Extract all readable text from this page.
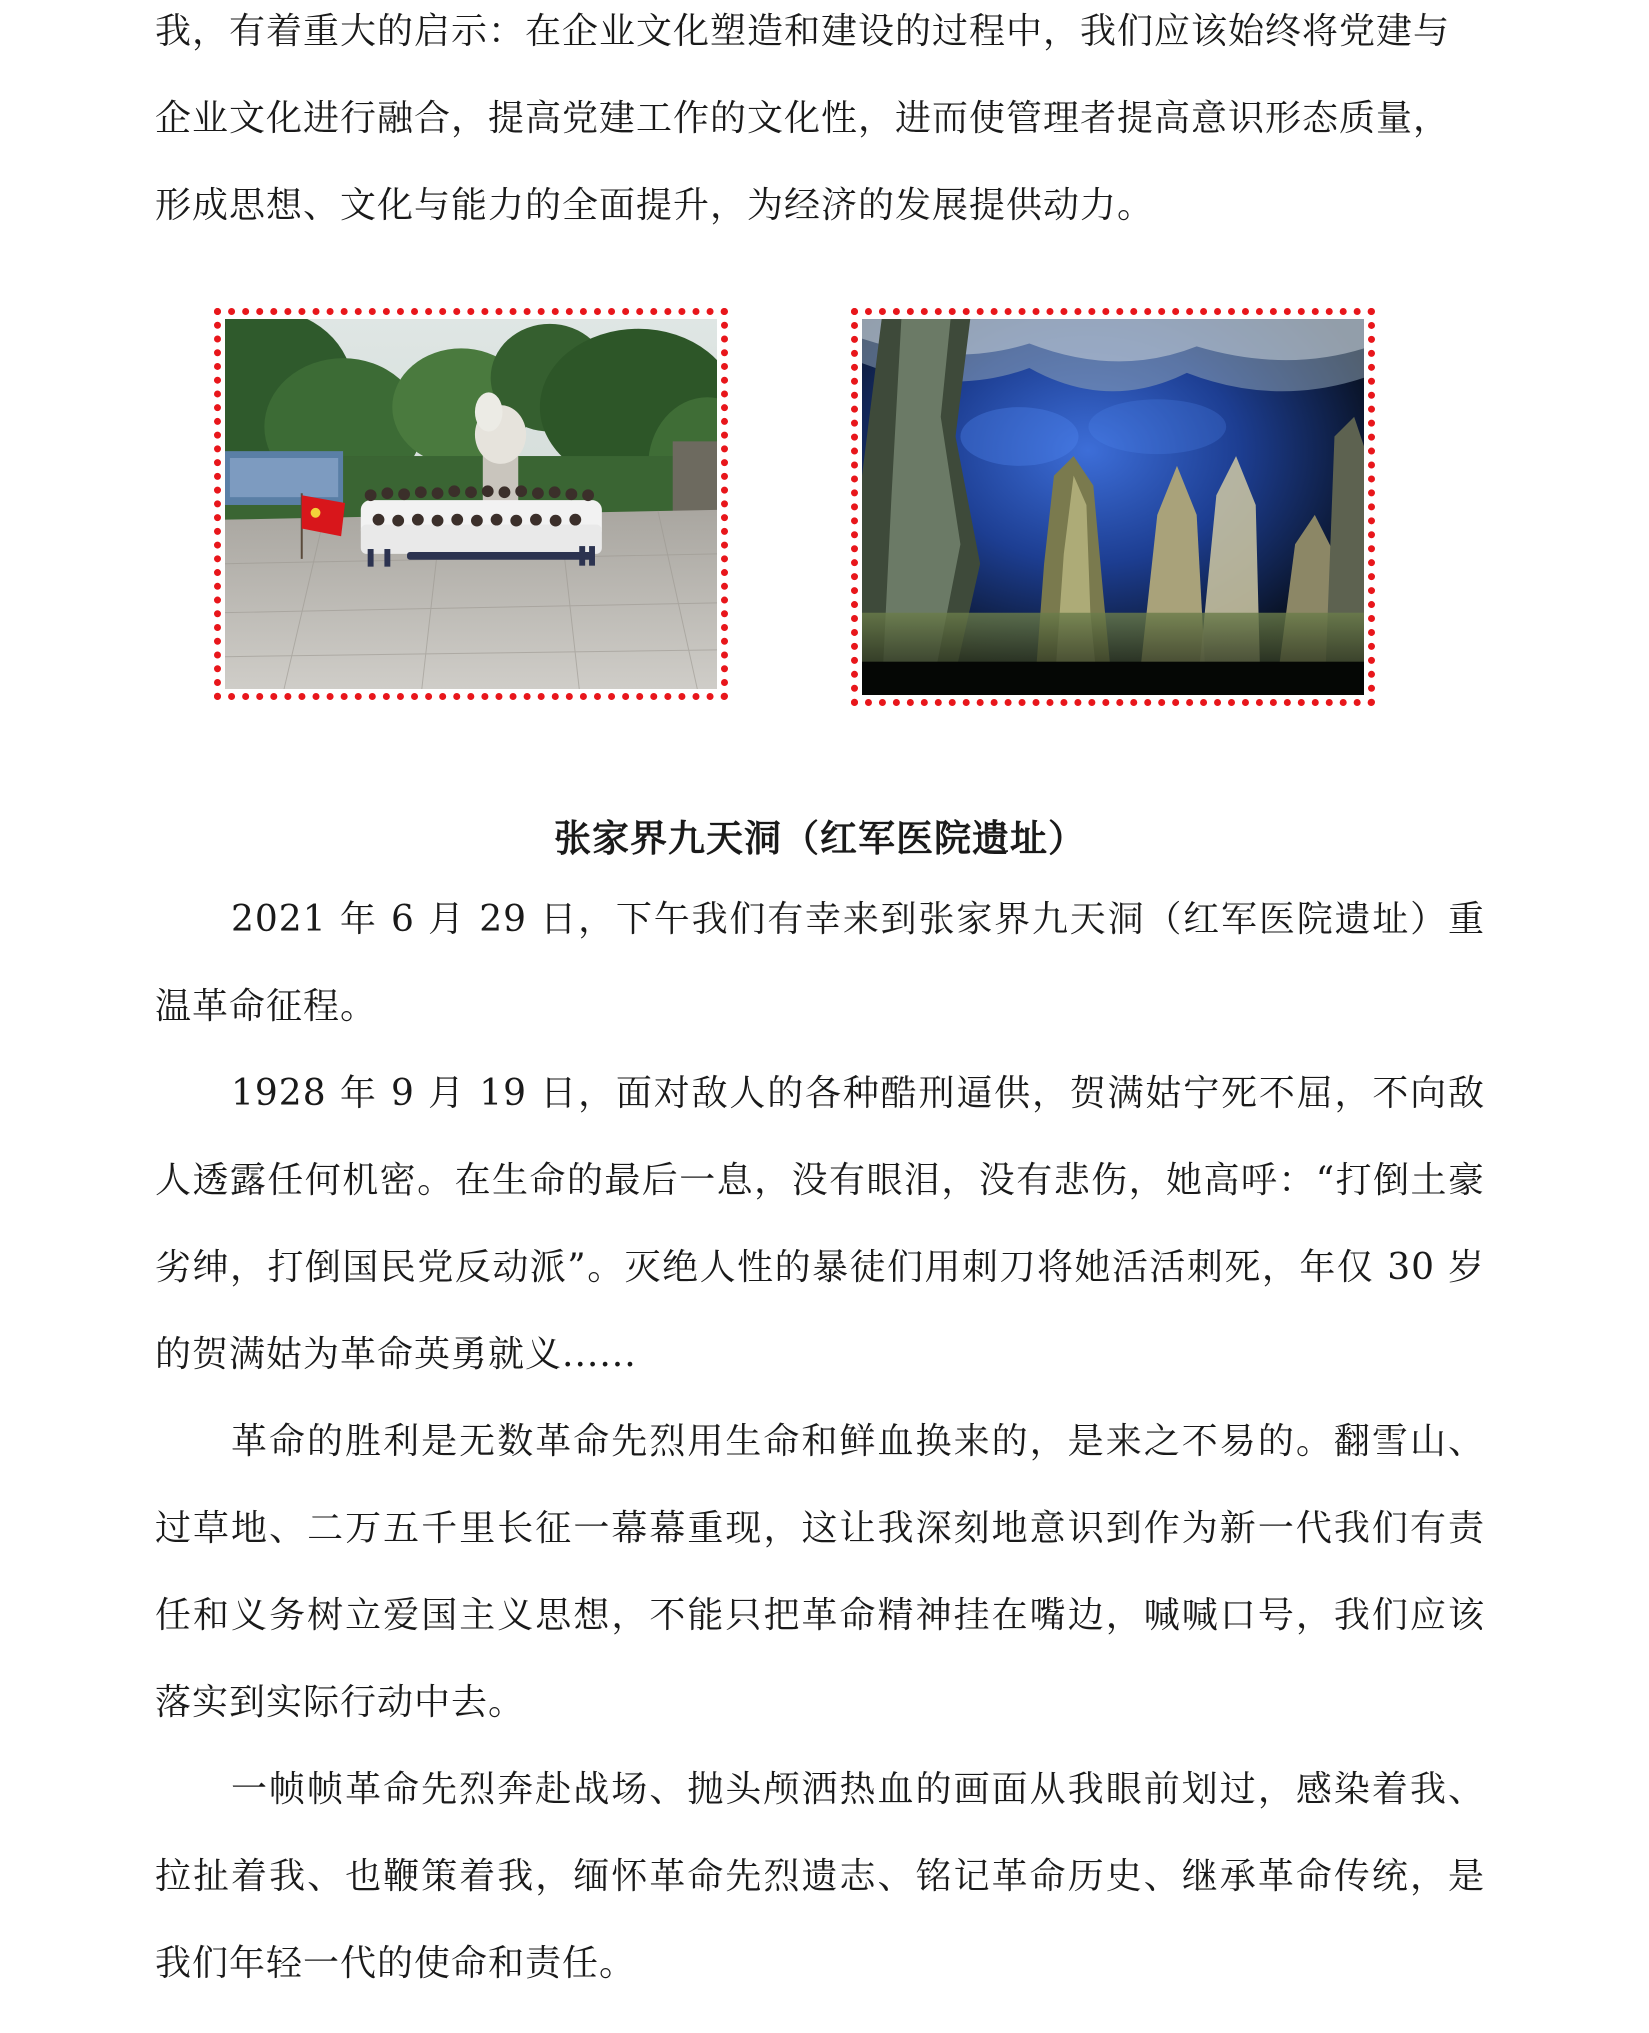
我，有着重大的启示：在企业文化塑造和建设的过程中，我们应该始终将党建与
企业文化进行融合，提高党建工作的文化性，进而使管理者提高意识形态质量，
形成思想、文化与能力的全面提升，为经济的发展提供动力。
张家界九天洞（红军医院遗址）

2021 年 6 月 29 日，下午我们有幸来到张家界九天洞（红军医院遗址）重温革命征程。

1928 年 9 月 19 日，面对敌人的各种酷刑逼供，贺满姑宁死不屈，不向敌人透露任何机密。在生命的最后一息，没有眼泪，没有悲伤，她高呼：“打倒土豪劣绅，打倒国民党反动派”。灭绝人性的暴徒们用刺刀将她活活刺死，年仅 30 岁的贺满姑为革命英勇就义......

革命的胜利是无数革命先烈用生命和鲜血换来的，是来之不易的。翻雪山、过草地、二万五千里长征一幕幕重现，这让我深刻地意识到作为新一代我们有责任和义务树立爱国主义思想，不能只把革命精神挂在嘴边，喊喊口号，我们应该落实到实际行动中去。

一帧帧革命先烈奔赴战场、抛头颅洒热血的画面从我眼前划过，感染着我、拉扯着我、也鞭策着我，缅怀革命先烈遗志、铭记革命历史、继承革命传统，是我们年轻一代的使命和责任。
